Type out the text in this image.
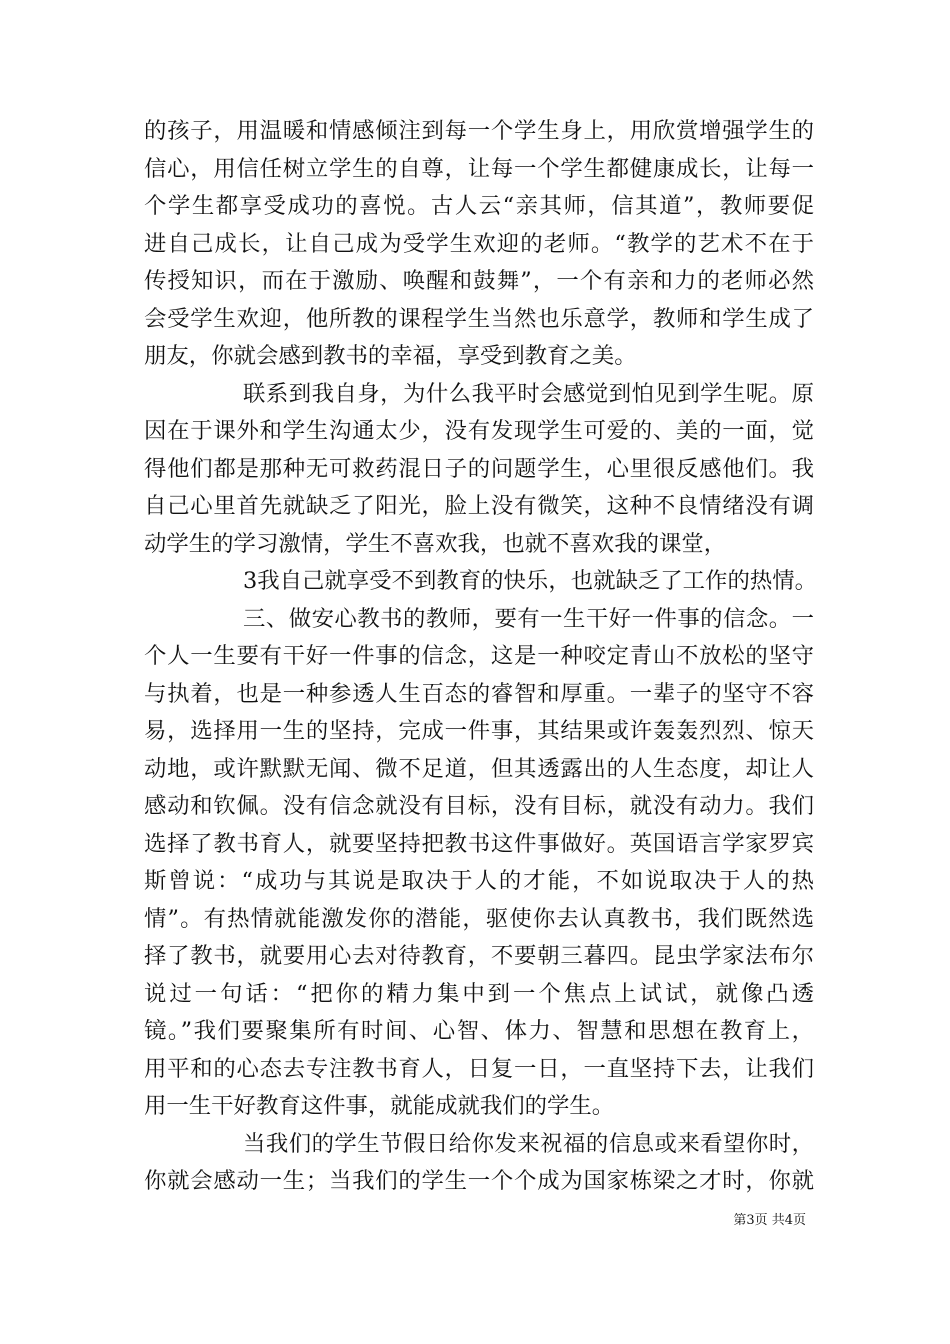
的孩子，用温暖和情感倾注到每一个学生身上，用欣赏增强学生的
信心，用信任树立学生的自尊，让每一个学生都健康成长，让每一
个学生都享受成功的喜悦。古人云“亲其师，信其道”，教师要促
进自己成长，让自己成为受学生欢迎的老师。“教学的艺术不在于
传授知识，而在于激励、唤醒和鼓舞”，一个有亲和力的老师必然
会受学生欢迎，他所教的课程学生当然也乐意学，教师和学生成了
朋友，你就会感到教书的幸福，享受到教育之美。
联系到我自身，为什么我平时会感觉到怕见到学生呢。原
因在于课外和学生沟通太少，没有发现学生可爱的、美的一面，觉
得他们都是那种无可救药混日子的问题学生，心里很反感他们。我
自己心里首先就缺乏了阳光，脸上没有微笑，这种不良情绪没有调
动学生的学习激情，学生不喜欢我，也就不喜欢我的课堂，
3我自己就享受不到教育的快乐，也就缺乏了工作的热情。
三、做安心教书的教师，要有一生干好一件事的信念。一
个人一生要有干好一件事的信念，这是一种咬定青山不放松的坚守
与执着，也是一种参透人生百态的睿智和厚重。一辈子的坚守不容
易，选择用一生的坚持，完成一件事，其结果或许轰轰烈烈、惊天
动地，或许默默无闻、微不足道，但其透露出的人生态度，却让人
感动和钦佩。没有信念就没有目标，没有目标，就没有动力。我们
选择了教书育人，就要坚持把教书这件事做好。英国语言学家罗宾
斯曾说：“成功与其说是取决于人的才能，不如说取决于人的热
情”。有热情就能激发你的潜能，驱使你去认真教书，我们既然选
择了教书，就要用心去对待教育，不要朝三暮四。昆虫学家法布尔
说过一句话：“把你的精力集中到一个焦点上试试，就像凸透
镜。”我们要聚集所有时间、心智、体力、智慧和思想在教育上，
用平和的心态去专注教书育人，日复一日，一直坚持下去，让我们
用一生干好教育这件事，就能成就我们的学生。
当我们的学生节假日给你发来祝福的信息或来看望你时，
你就会感动一生；当我们的学生一个个成为国家栋梁之才时，你就
第3页 共4页
